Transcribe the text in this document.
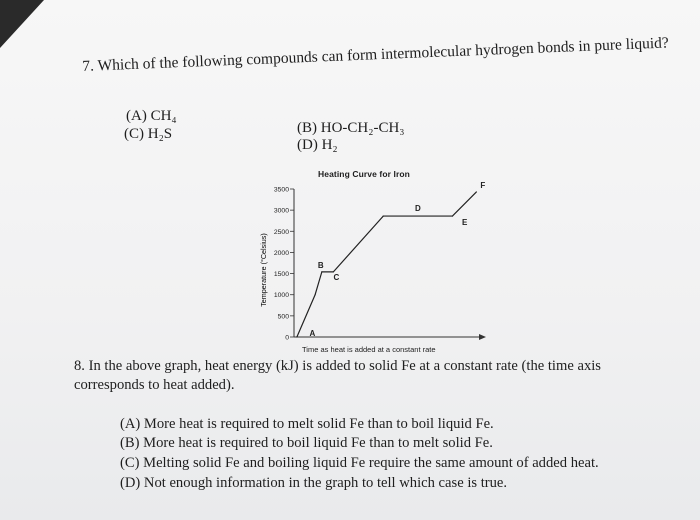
7. Which of the following compounds can form intermolecular hydrogen bonds in pure liquid?
(A) CH₄
(C) H₂S	(B) HO-CH₂-CH₃
(D) H₂
Heating Curve for Iron
0
500
1000
1500
2000
2500
3000
3500
A
B
C
D
E
F
Temperature (°Celsius)
Time as heat is added at a constant rate
8. In the above graph, heat energy (kJ) is added to solid Fe at a constant rate (the time axis corresponds to heat added).
(A) More heat is required to melt solid Fe than to boil liquid Fe.
(B) More heat is required to boil liquid Fe than to melt solid Fe.
(C) Melting solid Fe and boiling liquid Fe require the same amount of added heat.
(D) Not enough information in the graph to tell which case is true.
